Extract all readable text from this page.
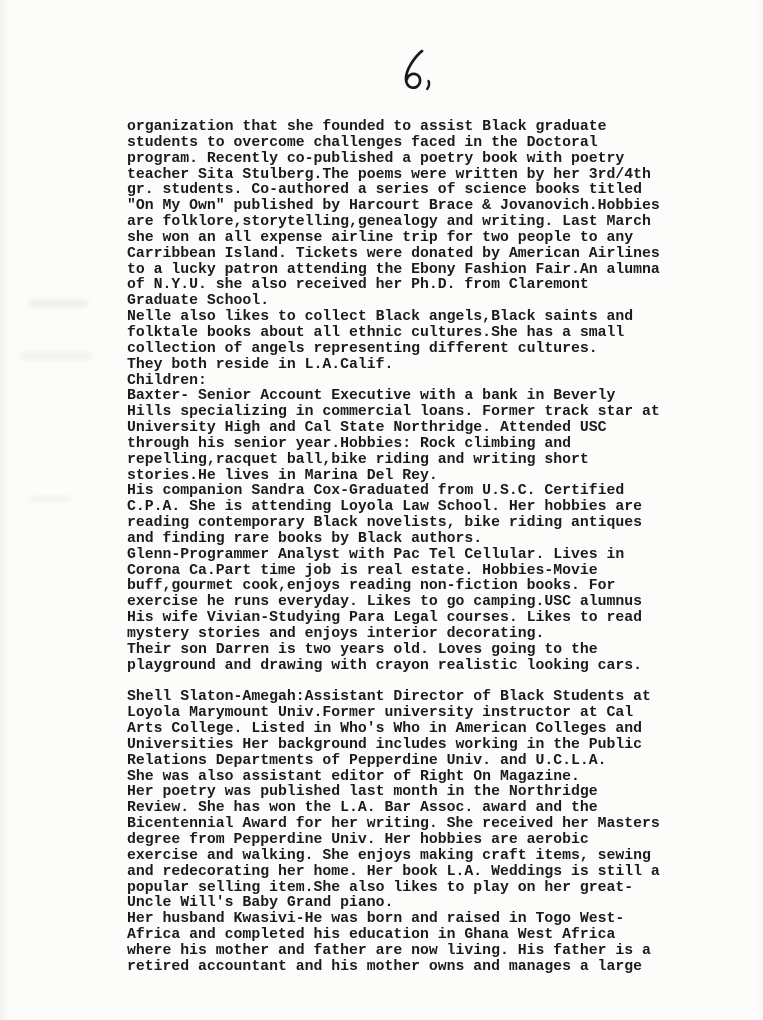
organization that she founded to assist Black graduate
students to overcome challenges faced in the Doctoral
program. Recently co-published a poetry book with poetry
teacher Sita Stulberg.The poems were written by her 3rd/4th
gr. students. Co-authored a series of science books titled
"On My Own" published by Harcourt Brace & Jovanovich.Hobbies
are folklore,storytelling,genealogy and writing. Last March
she won an all expense airline trip for two people to any
Carribbean Island. Tickets were donated by American Airlines
to a lucky patron attending the Ebony Fashion Fair.An alumna
of N.Y.U. she also received her Ph.D. from Claremont
Graduate School.
Nelle also likes to collect Black angels,Black saints and
folktale books about all ethnic cultures.She has a small
collection of angels representing different cultures.
They both reside in L.A.Calif.
Children:
Baxter- Senior Account Executive with a bank in Beverly
Hills specializing in commercial loans. Former track star at
University High and Cal State Northridge. Attended USC
through his senior year.Hobbies: Rock climbing and
repelling,racquet ball,bike riding and writing short
stories.He lives in Marina Del Rey.
His companion Sandra Cox-Graduated from U.S.C. Certified
C.P.A. She is attending Loyola Law School. Her hobbies are
reading contemporary Black novelists, bike riding antiques
and finding rare books by Black authors.
Glenn-Programmer Analyst with Pac Tel Cellular. Lives in
Corona Ca.Part time job is real estate. Hobbies-Movie
buff,gourmet cook,enjoys reading non-fiction books. For
exercise he runs everyday. Likes to go camping.USC alumnus
His wife Vivian-Studying Para Legal courses. Likes to read
mystery stories and enjoys interior decorating.
Their son Darren is two years old. Loves going to the
playground and drawing with crayon realistic looking cars.

Shell Slaton-Amegah:Assistant Director of Black Students at
Loyola Marymount Univ.Former university instructor at Cal
Arts College. Listed in Who's Who in American Colleges and
Universities Her background includes working in the Public
Relations Departments of Pepperdine Univ. and U.C.L.A.
She was also assistant editor of Right On Magazine.
Her poetry was published last month in the Northridge
Review. She has won the L.A. Bar Assoc. award and the
Bicentennial Award for her writing. She received her Masters
degree from Pepperdine Univ. Her hobbies are aerobic
exercise and walking. She enjoys making craft items, sewing
and redecorating her home. Her book L.A. Weddings is still a
popular selling item.She also likes to play on her great-
Uncle Will's Baby Grand piano.
Her husband Kwasivi-He was born and raised in Togo West-
Africa and completed his education in Ghana West Africa
where his mother and father are now living. His father is a
retired accountant and his mother owns and manages a large
